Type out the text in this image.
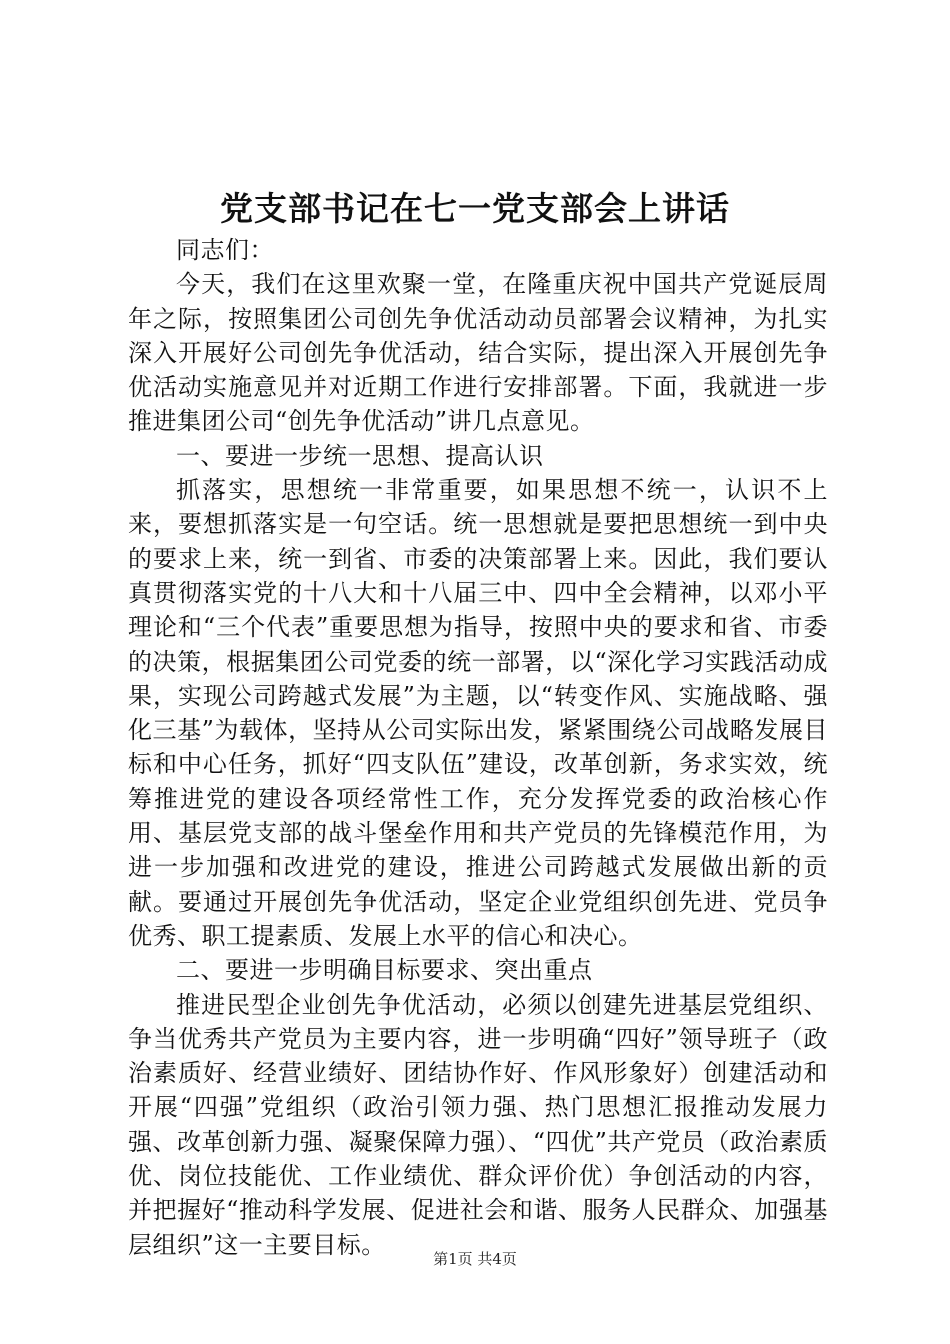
党支部书记在七一党支部会上讲话

同志们：

今天，我们在这里欢聚一堂，在隆重庆祝中国共产党诞辰周年之际，按照集团公司创先争优活动动员部署会议精神，为扎实深入开展好公司创先争优活动，结合实际，提出深入开展创先争优活动实施意见并对近期工作进行安排部署。下面，我就进一步推进集团公司“创先争优活动”讲几点意见。

一、要进一步统一思想、提高认识

抓落实，思想统一非常重要，如果思想不统一，认识不上来，要想抓落实是一句空话。统一思想就是要把思想统一到中央的要求上来，统一到省、市委的决策部署上来。因此，我们要认真贯彻落实党的十八大和十八届三中、四中全会精神，以邓小平理论和“三个代表”重要思想为指导，按照中央的要求和省、市委的决策，根据集团公司党委的统一部署，以“深化学习实践活动成果，实现公司跨越式发展”为主题，以“转变作风、实施战略、强化三基”为载体，坚持从公司实际出发，紧紧围绕公司战略发展目标和中心任务，抓好“四支队伍”建设，改革创新，务求实效，统筹推进党的建设各项经常性工作，充分发挥党委的政治核心作用、基层党支部的战斗堡垒作用和共产党员的先锋模范作用，为进一步加强和改进党的建设，推进公司跨越式发展做出新的贡献。要通过开展创先争优活动，坚定企业党组织创先进、党员争优秀、职工提素质、发展上水平的信心和决心。

二、要进一步明确目标要求、突出重点

推进民型企业创先争优活动，必须以创建先进基层党组织、争当优秀共产党员为主要内容，进一步明确“四好”领导班子（政治素质好、经营业绩好、团结协作好、作风形象好）创建活动和开展“四强”党组织（政治引领力强、热门思想汇报推动发展力强、改革创新力强、凝聚保障力强）、“四优”共产党员（政治素质优、岗位技能优、工作业绩优、群众评价优）争创活动的内容，并把握好“推动科学发展、促进社会和谐、服务人民群众、加强基层组织”这一主要目标。

第1页 共4页
